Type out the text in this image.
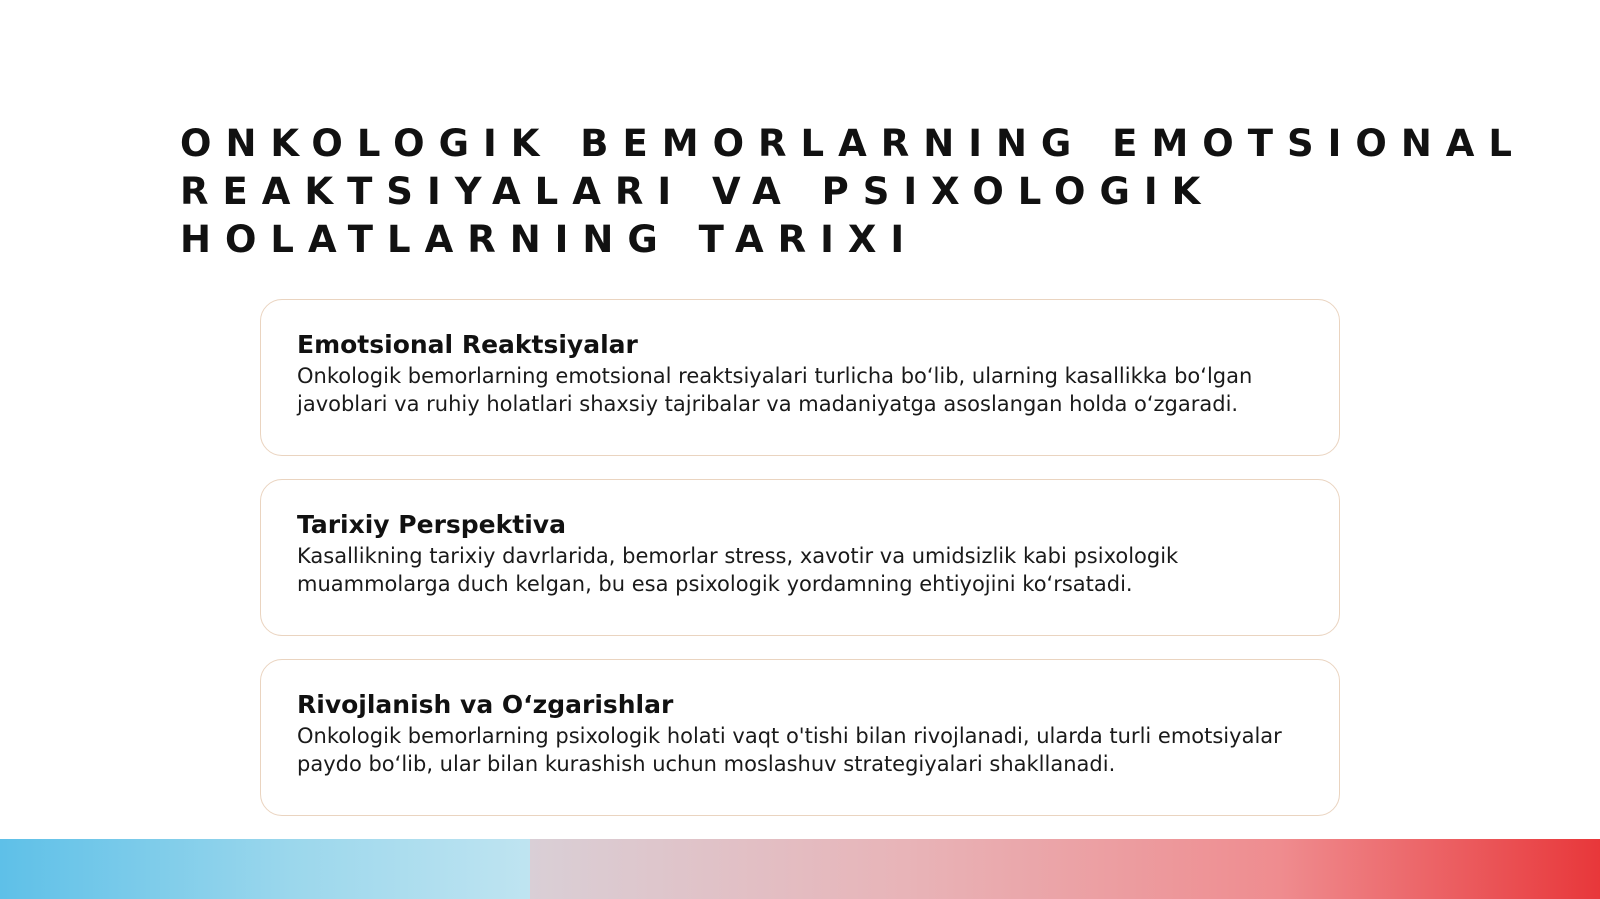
ONKOLOGIK BEMORLARNING EMOTSIONAL
REAKTSIYALARI VA PSIXOLOGIK
HOLATLARNING TARIXI
Emotsional Reaktsiyalar

Onkologik bemorlarning emotsional reaktsiyalari turlicha bo‘lib, ularning kasallikka bo‘lgan javoblari va ruhiy holatlari shaxsiy tajribalar va madaniyatga asoslangan holda o‘zgaradi.

Tarixiy Perspektiva

Kasallikning tarixiy davrlarida, bemorlar stress, xavotir va umidsizlik kabi psixologik muammolarga duch kelgan, bu esa psixologik yordamning ehtiyojini ko‘rsatadi.

Rivojlanish va O‘zgarishlar

Onkologik bemorlarning psixologik holati vaqt o'tishi bilan rivojlanadi, ularda turli emotsiyalar paydo bo‘lib, ular bilan kurashish uchun moslashuv strategiyalari shakllanadi.
